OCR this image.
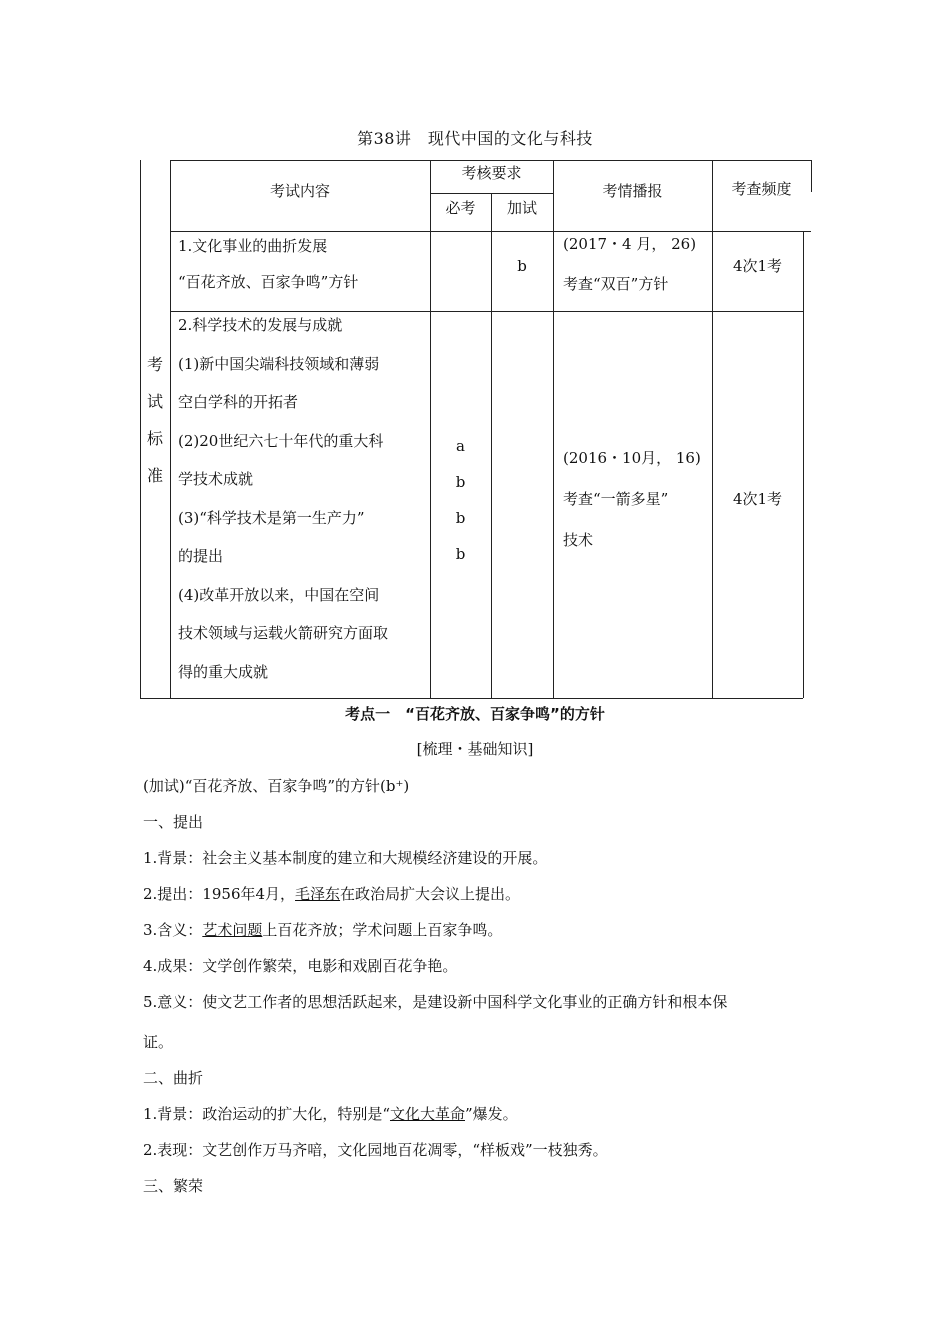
第38讲　现代中国的文化与科技
考试内容
考核要求
必考	加试
考情播报	考查频度
1.文化事业的曲折发展
“百花齐放、百家争鸣”方针
b
(2017・4 月， 26)
考查“双百”方针
4次1考
考
试
标
准
2.科学技术的发展与成就
(1)新中国尖端科技领域和薄弱
空白学科的开拓者
(2)20世纪六七十年代的重大科
学技术成就
(3)“科学技术是第一生产力”
的提出
(4)改革开放以来，中国在空间
技术领域与运载火箭研究方面取
得的重大成就
a
b
b
b
(2016・10月， 16)
考查“一箭多星”
技术
4次1考
考点一　“百花齐放、百家争鸣”的方针
[梳理・基础知识]
(加试)“百花齐放、百家争鸣”的方针(b⁺)
一、提出
1.背景：社会主义基本制度的建立和大规模经济建设的开展。
2.提出：1956年4月，毛泽东在政治局扩大会议上提出。
3.含义：艺术问题上百花齐放；学术问题上百家争鸣。
4.成果：文学创作繁荣，电影和戏剧百花争艳。

5.意义：使文艺工作者的思想活跃起来，是建设新中国科学文化事业的正确方针和根本保

证。

二、曲折
1.背景：政治运动的扩大化，特别是“文化大革命”爆发。
2.表现：文艺创作万马齐喑，文化园地百花凋零，“样板戏”一枝独秀。
三、繁荣
